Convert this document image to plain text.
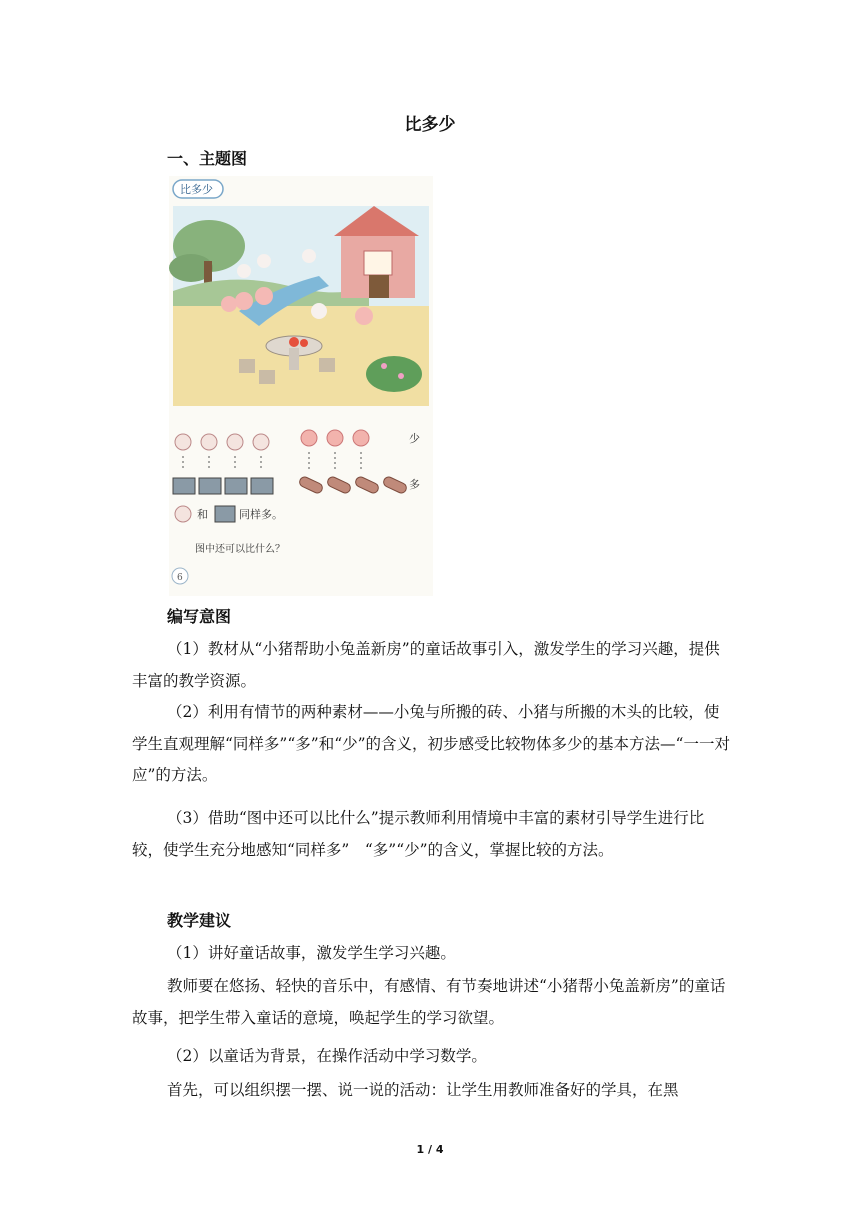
比多少
一、主题图
比多少
少
多
和	同样多。
图中还可以比什么？
6
编写意图
（1）教材从“小猪帮助小兔盖新房”的童话故事引入，激发学生的学习兴趣，提供丰富的教学资源。
（2）利用有情节的两种素材——小兔与所搬的砖、小猪与所搬的木头的比较，使学生直观理解“同样多”“多”和“少”的含义，初步感受比较物体多少的基本方法—“一一对应”的方法。
（3）借助“图中还可以比什么”提示教师利用情境中丰富的素材引导学生进行比较，使学生充分地感知“同样多”　“多”“少”的含义，掌握比较的方法。
教学建议
（1）讲好童话故事，激发学生学习兴趣。
教师要在悠扬、轻快的音乐中，有感情、有节奏地讲述“小猪帮小兔盖新房”的童话故事，把学生带入童话的意境，唤起学生的学习欲望。
（2）以童话为背景，在操作活动中学习数学。
首先，可以组织摆一摆、说一说的活动：让学生用教师准备好的学具，在黑
1 / 4
